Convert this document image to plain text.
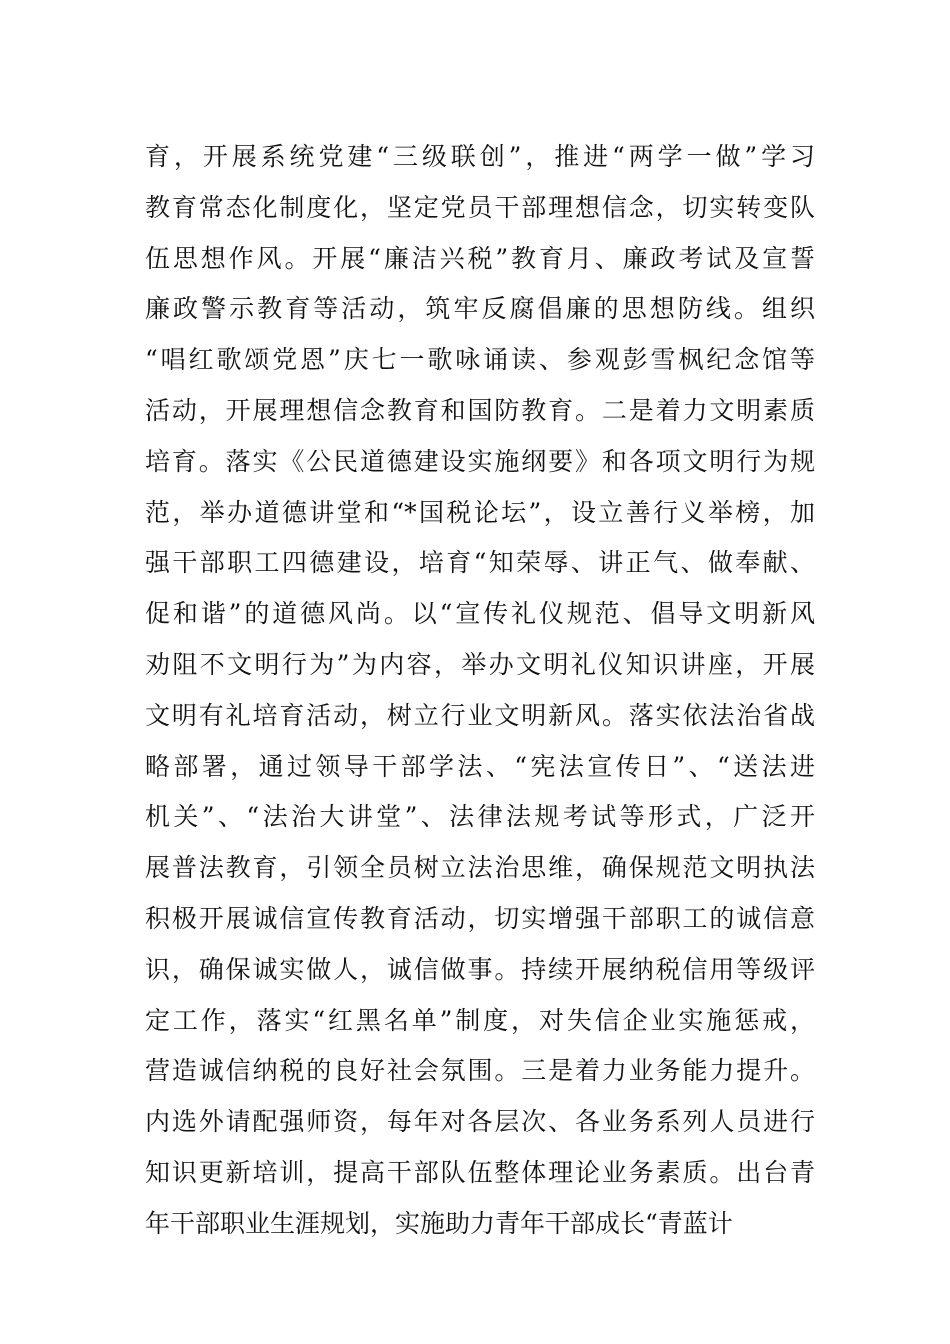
育，开展系统党建“三级联创”，推进“两学一做”学习
教育常态化制度化，坚定党员干部理想信念，切实转变队
伍思想作风。开展“廉洁兴税”教育月、廉政考试及宣誓
廉政警示教育等活动，筑牢反腐倡廉的思想防线。组织
“唱红歌颂党恩”庆七一歌咏诵读、参观彭雪枫纪念馆等
活动，开展理想信念教育和国防教育。二是着力文明素质
培育。落实《公民道德建设实施纲要》和各项文明行为规
范，举办道德讲堂和“*国税论坛”，设立善行义举榜，加
强干部职工四德建设，培育“知荣辱、讲正气、做奉献、
促和谐”的道德风尚。以“宣传礼仪规范、倡导文明新风
劝阻不文明行为”为内容，举办文明礼仪知识讲座，开展
文明有礼培育活动，树立行业文明新风。落实依法治省战
略部署，通过领导干部学法、“宪法宣传日”、“送法进
机关”、“法治大讲堂”、法律法规考试等形式，广泛开
展普法教育，引领全员树立法治思维，确保规范文明执法
积极开展诚信宣传教育活动，切实增强干部职工的诚信意
识，确保诚实做人，诚信做事。持续开展纳税信用等级评
定工作，落实“红黑名单”制度，对失信企业实施惩戒，
营造诚信纳税的良好社会氛围。三是着力业务能力提升。
内选外请配强师资，每年对各层次、各业务系列人员进行
知识更新培训，提高干部队伍整体理论业务素质。出台青
年干部职业生涯规划，实施助力青年干部成长“青蓝计
